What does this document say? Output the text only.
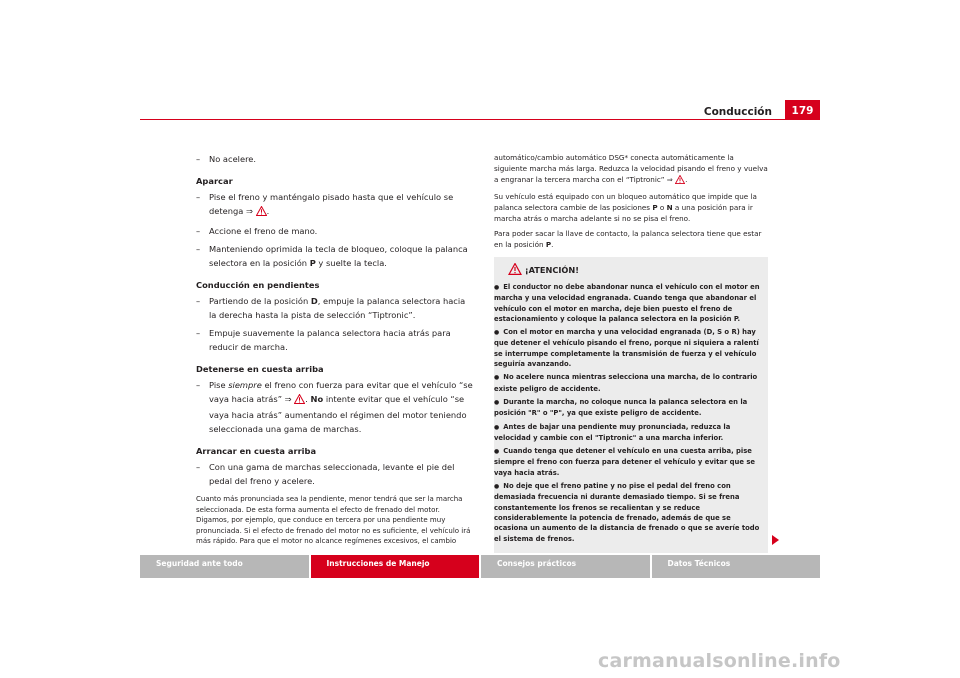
Conducción	179
– No acelere.
Aparcar
– Pise el freno y manténgalo pisado hasta que el vehículo se detenga ⇒ .
– Accione el freno de mano.
– Manteniendo oprimida la tecla de bloqueo, coloque la palanca selectora en la posición P y suelte la tecla.
Conducción en pendientes
– Partiendo de la posición D, empuje la palanca selectora hacia la derecha hasta la pista de selección “Tiptronic”.
– Empuje suavemente la palanca selectora hacia atrás para reducir de marcha.
Detenerse en cuesta arriba
– Pise siempre el freno con fuerza para evitar que el vehículo “se vaya hacia atrás” ⇒ . No intente evitar que el vehículo “se vaya hacia atrás” aumentando el régimen del motor teniendo seleccionada una gama de marchas.
Arrancar en cuesta arriba
– Con una gama de marchas seleccionada, levante el pie del pedal del freno y acelere.
Cuanto más pronunciada sea la pendiente, menor tendrá que ser la marcha seleccionada. De esta forma aumenta el efecto de frenado del motor. Digamos, por ejemplo, que conduce en tercera por una pendiente muy pronunciada. Si el efecto de frenado del motor no es suficiente, el vehículo irá más rápido. Para que el motor no alcance regímenes excesivos, el cambio
automático/cambio automático DSG* conecta automáticamente la siguiente marcha más larga. Reduzca la velocidad pisando el freno y vuelva a engranar la tercera marcha con el “Tiptronic” ⇒ .
Su vehículo está equipado con un bloqueo automático que impide que la palanca selectora cambie de las posiciones P o N a una posición para ir marcha atrás o marcha adelante si no se pisa el freno.
Para poder sacar la llave de contacto, la palanca selectora tiene que estar en la posición P.
¡ATENCIÓN!
● El conductor no debe abandonar nunca el vehículo con el motor en marcha y una velocidad engranada. Cuando tenga que abandonar el vehículo con el motor en marcha, deje bien puesto el freno de estacionamiento y coloque la palanca selectora en la posición P.
● Con el motor en marcha y una velocidad engranada (D, S o R) hay que detener el vehículo pisando el freno, porque ni siquiera a ralentí se interrumpe completamente la transmisión de fuerza y el vehículo seguiría avanzando.
● No acelere nunca mientras selecciona una marcha, de lo contrario existe peligro de accidente.
● Durante la marcha, no coloque nunca la palanca selectora en la posición "R" o "P", ya que existe peligro de accidente.
● Antes de bajar una pendiente muy pronunciada, reduzca la velocidad y cambie con el "Tiptronic" a una marcha inferior.
● Cuando tenga que detener el vehículo en una cuesta arriba, pise siempre el freno con fuerza para detener el vehículo y evitar que se vaya hacia atrás.
● No deje que el freno patine y no pise el pedal del freno con demasiada frecuencia ni durante demasiado tiempo. Si se frena constantemente los frenos se recalientan y se reduce considerablemente la potencia de frenado, además de que se ocasiona un aumento de la distancia de frenado o que se averíe todo el sistema de frenos.
Seguridad ante todo	Instrucciones de Manejo	Consejos prácticos	Datos Técnicos
carmanualsonline.info
